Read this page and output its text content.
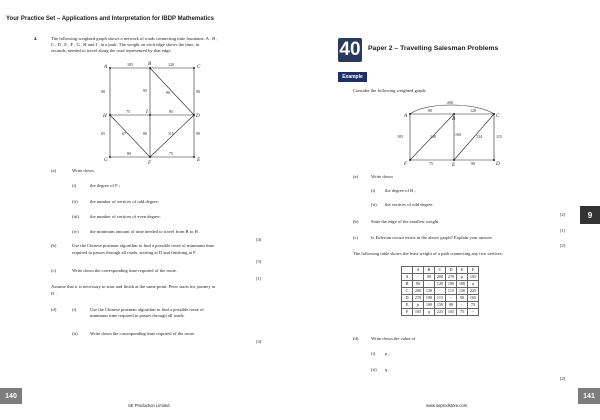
Your Practice Set – Applications and Interpretation for IBDP Mathematics
4.	The following weighted graph shows a network of roads connecting nine fountains: A , B ,
C , D , E , F , G , H and I , in a park. The weight on each edge shows the time, in
seconds, needed to travel along the road represented by that edge.
A	B	C
H
I
D
G	F	E
105	120
90	95	90	90
75	85
65	67	80	115	90
80	75
(a)	Write down
(i)	the degree of F ;
(ii)	the number of vertices of odd degree;
(iii) the number of vertices of even degree;
(iv) the minimum amount of time needed to travel from B to H .
[4]
(b)	Use the Chinese postman algorithm to find a possible route of minimum time
required to passes through all roads, starting at D and finishing at F .
[3]
(c)	Write down the corresponding time required of the route.
[1]
Assume that it is necessary to start and finish at the same point. Peter starts his journey at
D .
(d)	(i)	Use the Chinese postman algorithm to find a possible route of
minimum time required to passes through all roads.
(ii)	Write down the corresponding time required of the route.
[4]
140
SE Production Limited
40 Paper 2 – Travelling Salesman Problems
Example
Consider the following weighted graph:
A	B	C
F	E	D
200
90	120
105	140	100	134	115
75	90
(a)	Write down
(i) the degree of B ;
(ii) the vertices of odd degree.
[2]
(b)	State the edge of the smallest weight.
[1]
(c)	Is Eulerian circuit exists in the above graph? Explain your answer.
[2]
The following table shows the least weight of a path connecting any two vertices.
	A	B	C	D	E	F
A	-	90	200	270	p	105
B	90	-	120	190	100	q
C	200	120	-	115	150	225
D	270	190	115	-	90	165
E	p	100	150	90	-	75
F	105	q	225	165	75	-
(d)	Write down the value of
(i) p ;
(ii) q .
[2]
9
141
www.seprodstore.com
